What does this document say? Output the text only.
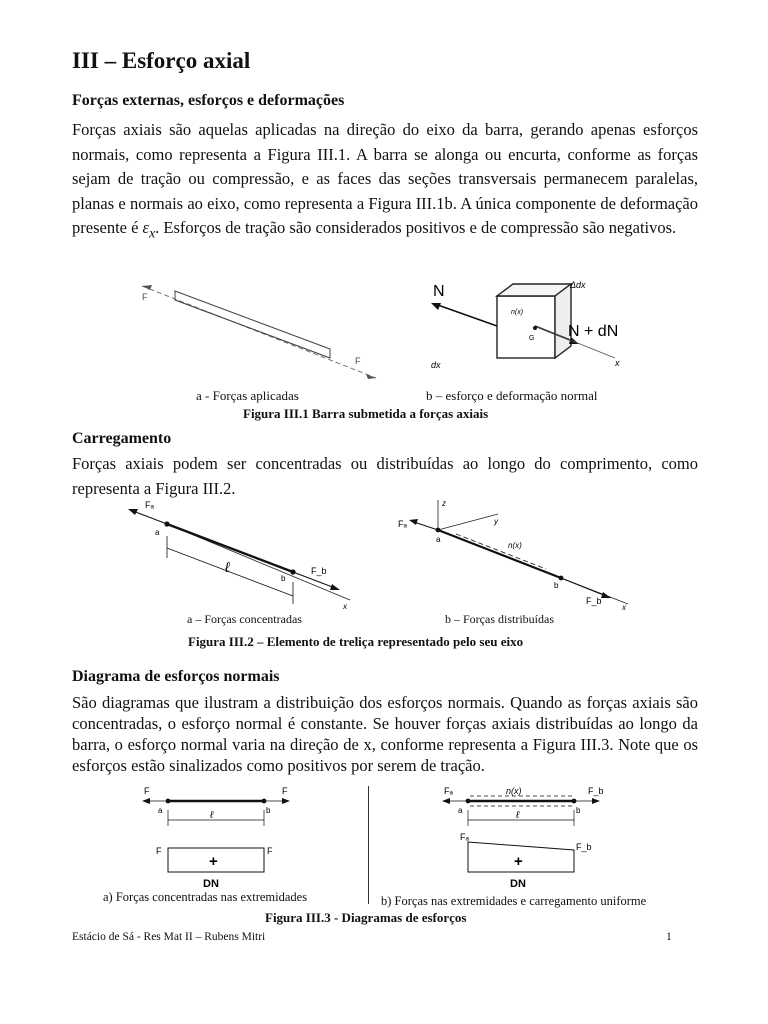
III – Esforço axial
Forças externas, esforços e deformações

Forças axiais são aquelas aplicadas na direção do eixo da barra, gerando apenas esforços normais, como representa a Figura III.1. A barra se alonga ou encurta, conforme as forças sejam de tração ou compressão, e as faces das seções transversais permanecem paralelas, planas e normais ao eixo, como representa a Figura III.1b. A única componente de deformação presente é $\varepsilon_x$. Esforços de tração são considerados positivos e de compressão são negativos.

F
F
N
N + dN
Δdx
dx	x
n(x)
G
a - Forças aplicadas	b – esforço e deformação normal
Figura III.1 Barra submetida a forças axiais
Carregamento

Forças axiais podem ser concentradas ou distribuídas ao longo do comprimento, como representa a Figura III.2.

Fₐ
a
ℓ
b
F_b
x
Fₐ
a
z
y
n(x)
b
F_b
x
a – Forças concentradas	b – Forças distribuídas
Figura III.2 – Elemento de treliça representado pelo seu eixo
Diagrama de esforços normais

São diagramas que ilustram a distribuição dos esforços normais. Quando as forças axiais são concentradas, o esforço normal é constante. Se houver forças axiais distribuídas ao longo da barra, o esforço normal varia na direção de x, conforme representa a Figura III.3. Note que os esforços estão sinalizados como positivos por serem de tração.

F	F
a	b
ℓ
F	F
+
DN
Fₐ	n(x)	F_b
a	b
ℓ
Fₐ
F_b
+
DN
a) Forças concentradas nas extremidades	b) Forças nas extremidades e carregamento uniforme
Figura III.3 - Diagramas de esforços
Estácio de Sá - Res Mat II – Rubens Mitri	1
